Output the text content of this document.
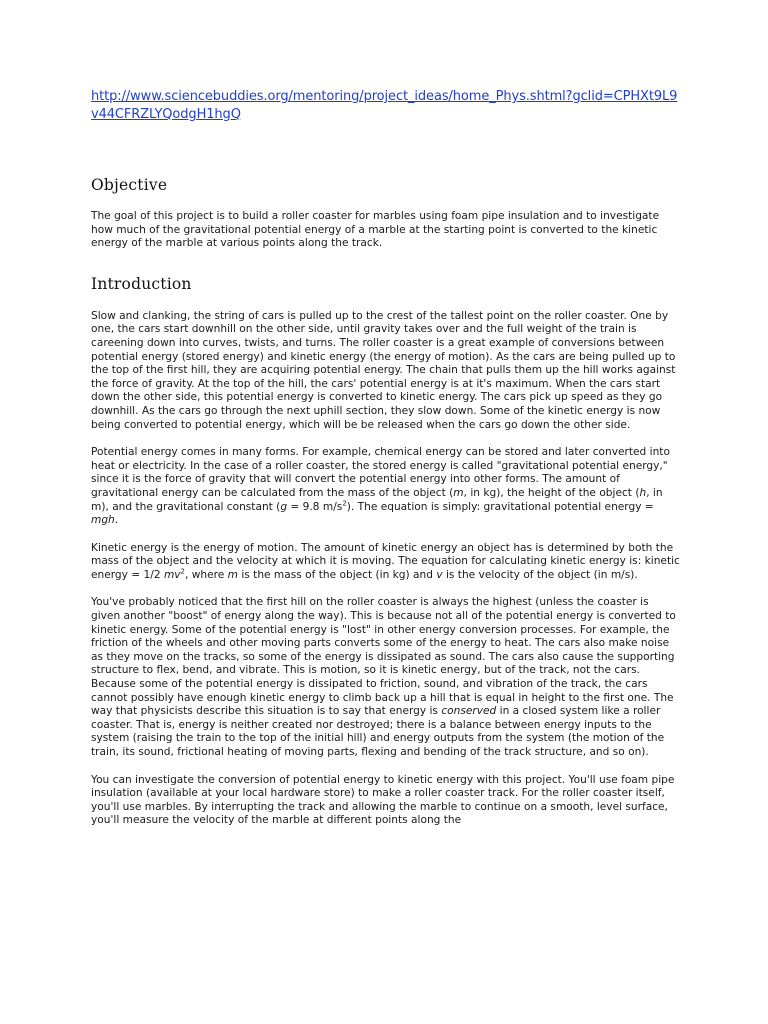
http://www.sciencebuddies.org/mentoring/project_ideas/home_Phys.shtml?gclid=CPHXt9L9v44CFRZLYQodgH1hgQ
Objective

The goal of this project is to build a roller coaster for marbles using foam pipe insulation and to investigate how much of the gravitational potential energy of a marble at the starting point is converted to the kinetic energy of the marble at various points along the track.

Introduction

Slow and clanking, the string of cars is pulled up to the crest of the tallest point on the roller coaster. One by one, the cars start downhill on the other side, until gravity takes over and the full weight of the train is careening down into curves, twists, and turns. The roller coaster is a great example of conversions between potential energy (stored energy) and kinetic energy (the energy of motion). As the cars are being pulled up to the top of the first hill, they are acquiring potential energy. The chain that pulls them up the hill works against the force of gravity. At the top of the hill, the cars' potential energy is at it's maximum. When the cars start down the other side, this potential energy is converted to kinetic energy. The cars pick up speed as they go downhill. As the cars go through the next uphill section, they slow down. Some of the kinetic energy is now being converted to potential energy, which will be be released when the cars go down the other side.

Potential energy comes in many forms. For example, chemical energy can be stored and later converted into heat or electricity. In the case of a roller coaster, the stored energy is called "gravitational potential energy," since it is the force of gravity that will convert the potential energy into other forms. The amount of gravitational energy can be calculated from the mass of the object (m, in kg), the height of the object (h, in m), and the gravitational constant (g = 9.8 $m/s^2$). The equation is simply: gravitational potential energy = mgh.

Kinetic energy is the energy of motion. The amount of kinetic energy an object has is determined by both the mass of the object and the velocity at which it is moving. The equation for calculating kinetic energy is: kinetic energy = 1/2 $mv^2$, where m is the mass of the object (in kg) and v is the velocity of the object (in m/s).

You've probably noticed that the first hill on the roller coaster is always the highest (unless the coaster is given another "boost" of energy along the way). This is because not all of the potential energy is converted to kinetic energy. Some of the potential energy is "lost" in other energy conversion processes. For example, the friction of the wheels and other moving parts converts some of the energy to heat. The cars also make noise as they move on the tracks, so some of the energy is dissipated as sound. The cars also cause the supporting structure to flex, bend, and vibrate. This is motion, so it is kinetic energy, but of the track, not the cars. Because some of the potential energy is dissipated to friction, sound, and vibration of the track, the cars cannot possibly have enough kinetic energy to climb back up a hill that is equal in height to the first one. The way that physicists describe this situation is to say that energy is conserved in a closed system like a roller coaster. That is, energy is neither created nor destroyed; there is a balance between energy inputs to the system (raising the train to the top of the initial hill) and energy outputs from the system (the motion of the train, its sound, frictional heating of moving parts, flexing and bending of the track structure, and so on).

You can investigate the conversion of potential energy to kinetic energy with this project. You'll use foam pipe insulation (available at your local hardware store) to make a roller coaster track. For the roller coaster itself, you'll use marbles. By interrupting the track and allowing the marble to continue on a smooth, level surface, you'll measure the velocity of the marble at different points along the
